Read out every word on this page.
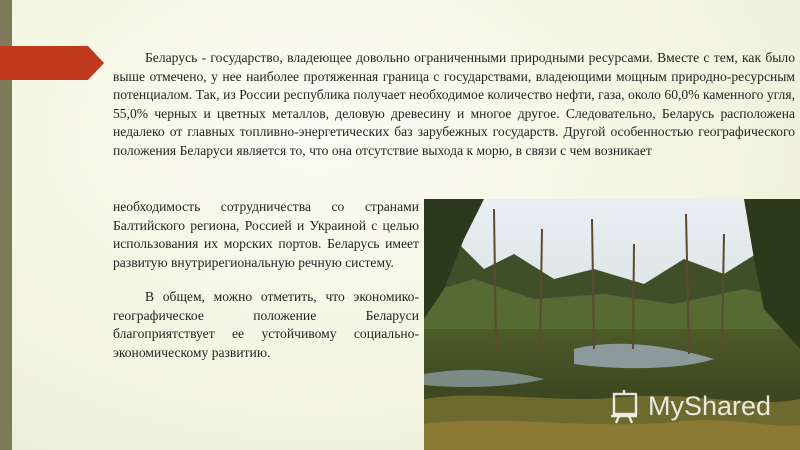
Беларусь - государство, владеющее довольно ограниченными природными ресурсами. Вместе с тем, как было выше отмечено, у нее наиболее протяженная граница с государствами, владеющими мощным природно-ресурсным потенциалом. Так, из России республика получает необходимое количество нефти, газа, около 60,0% каменного угля, 55,0% черных и цветных металлов, деловую древесину и многое другое. Следовательно, Беларусь расположена недалеко от главных топливно-энергетических баз зарубежных государств. Другой особенностью географического положения Беларуси является то, что она отсутствие выхода к морю, в связи с чем возникает

необходимость сотрудничества со странами Балтийского региона, Россией и Украиной с целью использования их морских портов. Беларусь имеет развитую внутрирегиональную речную систему.

В общем, можно отметить, что экономико-географическое положение Беларуси благоприятствует ее устойчивому социально-экономическому развитию.

MyShared
